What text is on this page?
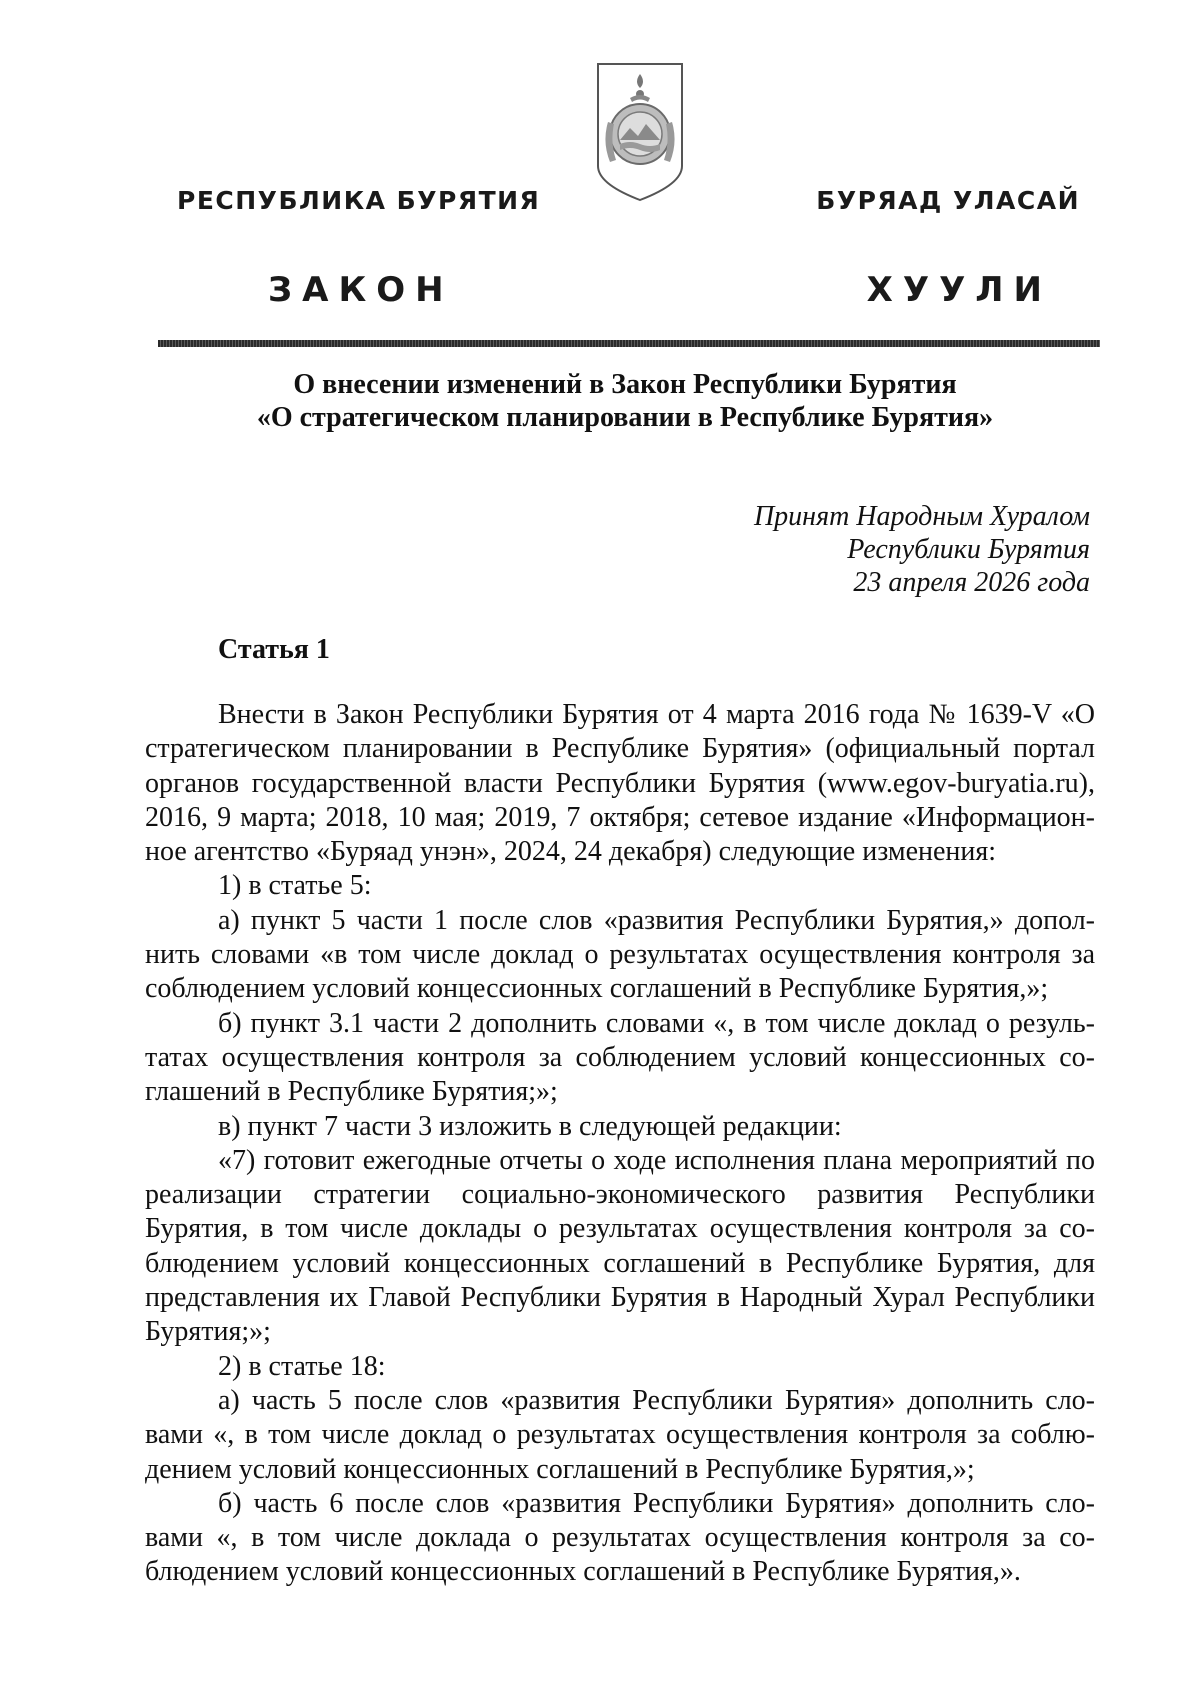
РЕСПУБЛИКА БУРЯТИЯ	БУРЯАД УЛАСАЙ
ЗАКОН	ХУУЛИ
О внесении изменений в Закон Республики Бурятия
«О стратегическом планировании в Республике Бурятия»
Принят Народным Хуралом
Республики Бурятия
23 апреля 2026 года
Статья 1

Внести в Закон Республики Бурятия от 4 марта 2016 года № 1639-V «О стратегическом планировании в Республике Бурятия» (официальный портал органов государственной власти Республики Бурятия (www.egov-buryatia.ru), 2016, 9 марта; 2018, 10 мая; 2019, 7 октября; сетевое издание «Информационное агентство «Буряад унэн», 2024, 24 декабря) следующие изменения:

1) в статье 5:

а) пункт 5 части 1 после слов «развития Республики Бурятия,» дополнить словами «в том числе доклад о результатах осуществления контроля за соблюдением условий концессионных соглашений в Республике Бурятия,»;

б) пункт 3.1 части 2 дополнить словами «, в том числе доклад о результатах осуществления контроля за соблюдением условий концессионных соглашений в Республике Бурятия;»;

в) пункт 7 части 3 изложить в следующей редакции:

«7) готовит ежегодные отчеты о ходе исполнения плана мероприятий по реализации стратегии социально-экономического развития Республики Бурятия, в том числе доклады о результатах осуществления контроля за соблюдением условий концессионных соглашений в Республике Бурятия, для представления их Главой Республики Бурятия в Народный Хурал Республики Бурятия;»;

2) в статье 18:

а) часть 5 после слов «развития Республики Бурятия» дополнить словами «, в том числе доклад о результатах осуществления контроля за соблюдением условий концессионных соглашений в Республике Бурятия,»;

б) часть 6 после слов «развития Республики Бурятия» дополнить словами «, в том числе доклада о результатах осуществления контроля за соблюдением условий концессионных соглашений в Республике Бурятия,».
